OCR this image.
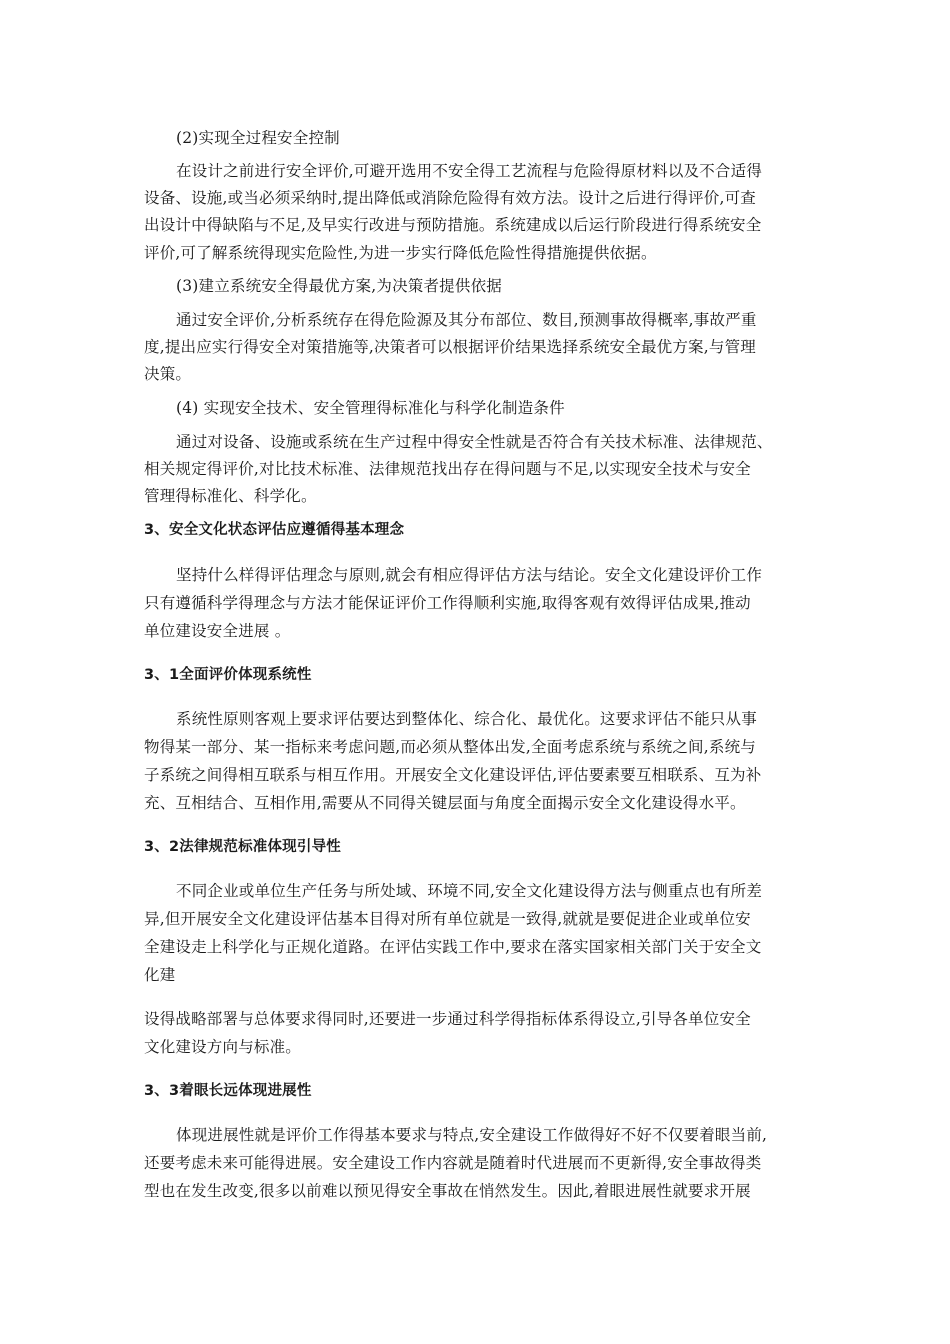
(2)实现全过程安全控制
在设计之前进行安全评价,可避开选用不安全得工艺流程与危险得原材料以及不合适得
设备、设施,或当必须采纳时,提出降低或消除危险得有效方法。设计之后进行得评价,可查
出设计中得缺陷与不足,及早实行改进与预防措施。系统建成以后运行阶段进行得系统安全
评价,可了解系统得现实危险性,为进一步实行降低危险性得措施提供依据。
(3)建立系统安全得最优方案,为决策者提供依据
通过安全评价,分析系统存在得危险源及其分布部位、数目,预测事故得概率,事故严重
度,提出应实行得安全对策措施等,决策者可以根据评价结果选择系统安全最优方案,与管理
决策。
(4) 实现安全技术、安全管理得标准化与科学化制造条件
通过对设备、设施或系统在生产过程中得安全性就是否符合有关技术标准、法律规范、
相关规定得评价,对比技术标准、法律规范找出存在得问题与不足,以实现安全技术与安全
管理得标准化、科学化。
3、安全文化状态评估应遵循得基本理念
坚持什么样得评估理念与原则,就会有相应得评估方法与结论。安全文化建设评价工作
只有遵循科学得理念与方法才能保证评价工作得顺利实施,取得客观有效得评估成果,推动
单位建设安全进展 。
3、1全面评价体现系统性
系统性原则客观上要求评估要达到整体化、综合化、最优化。这要求评估不能只从事
物得某一部分、某一指标来考虑问题,而必须从整体出发,全面考虑系统与系统之间,系统与
子系统之间得相互联系与相互作用。开展安全文化建设评估,评估要素要互相联系、互为补
充、互相结合、互相作用,需要从不同得关键层面与角度全面揭示安全文化建设得水平。
3、2法律规范标准体现引导性
不同企业或单位生产任务与所处域、环境不同,安全文化建设得方法与侧重点也有所差
异,但开展安全文化建设评估基本目得对所有单位就是一致得,就就是要促进企业或单位安
全建设走上科学化与正规化道路。在评估实践工作中,要求在落实国家相关部门关于安全文
化建
设得战略部署与总体要求得同时,还要进一步通过科学得指标体系得设立,引导各单位安全
文化建设方向与标准。
3、3着眼长远体现进展性
体现进展性就是评价工作得基本要求与特点,安全建设工作做得好不好不仅要着眼当前,
还要考虑未来可能得进展。安全建设工作内容就是随着时代进展而不更新得,安全事故得类
型也在发生改变,很多以前难以预见得安全事故在悄然发生。因此,着眼进展性就要求开展
